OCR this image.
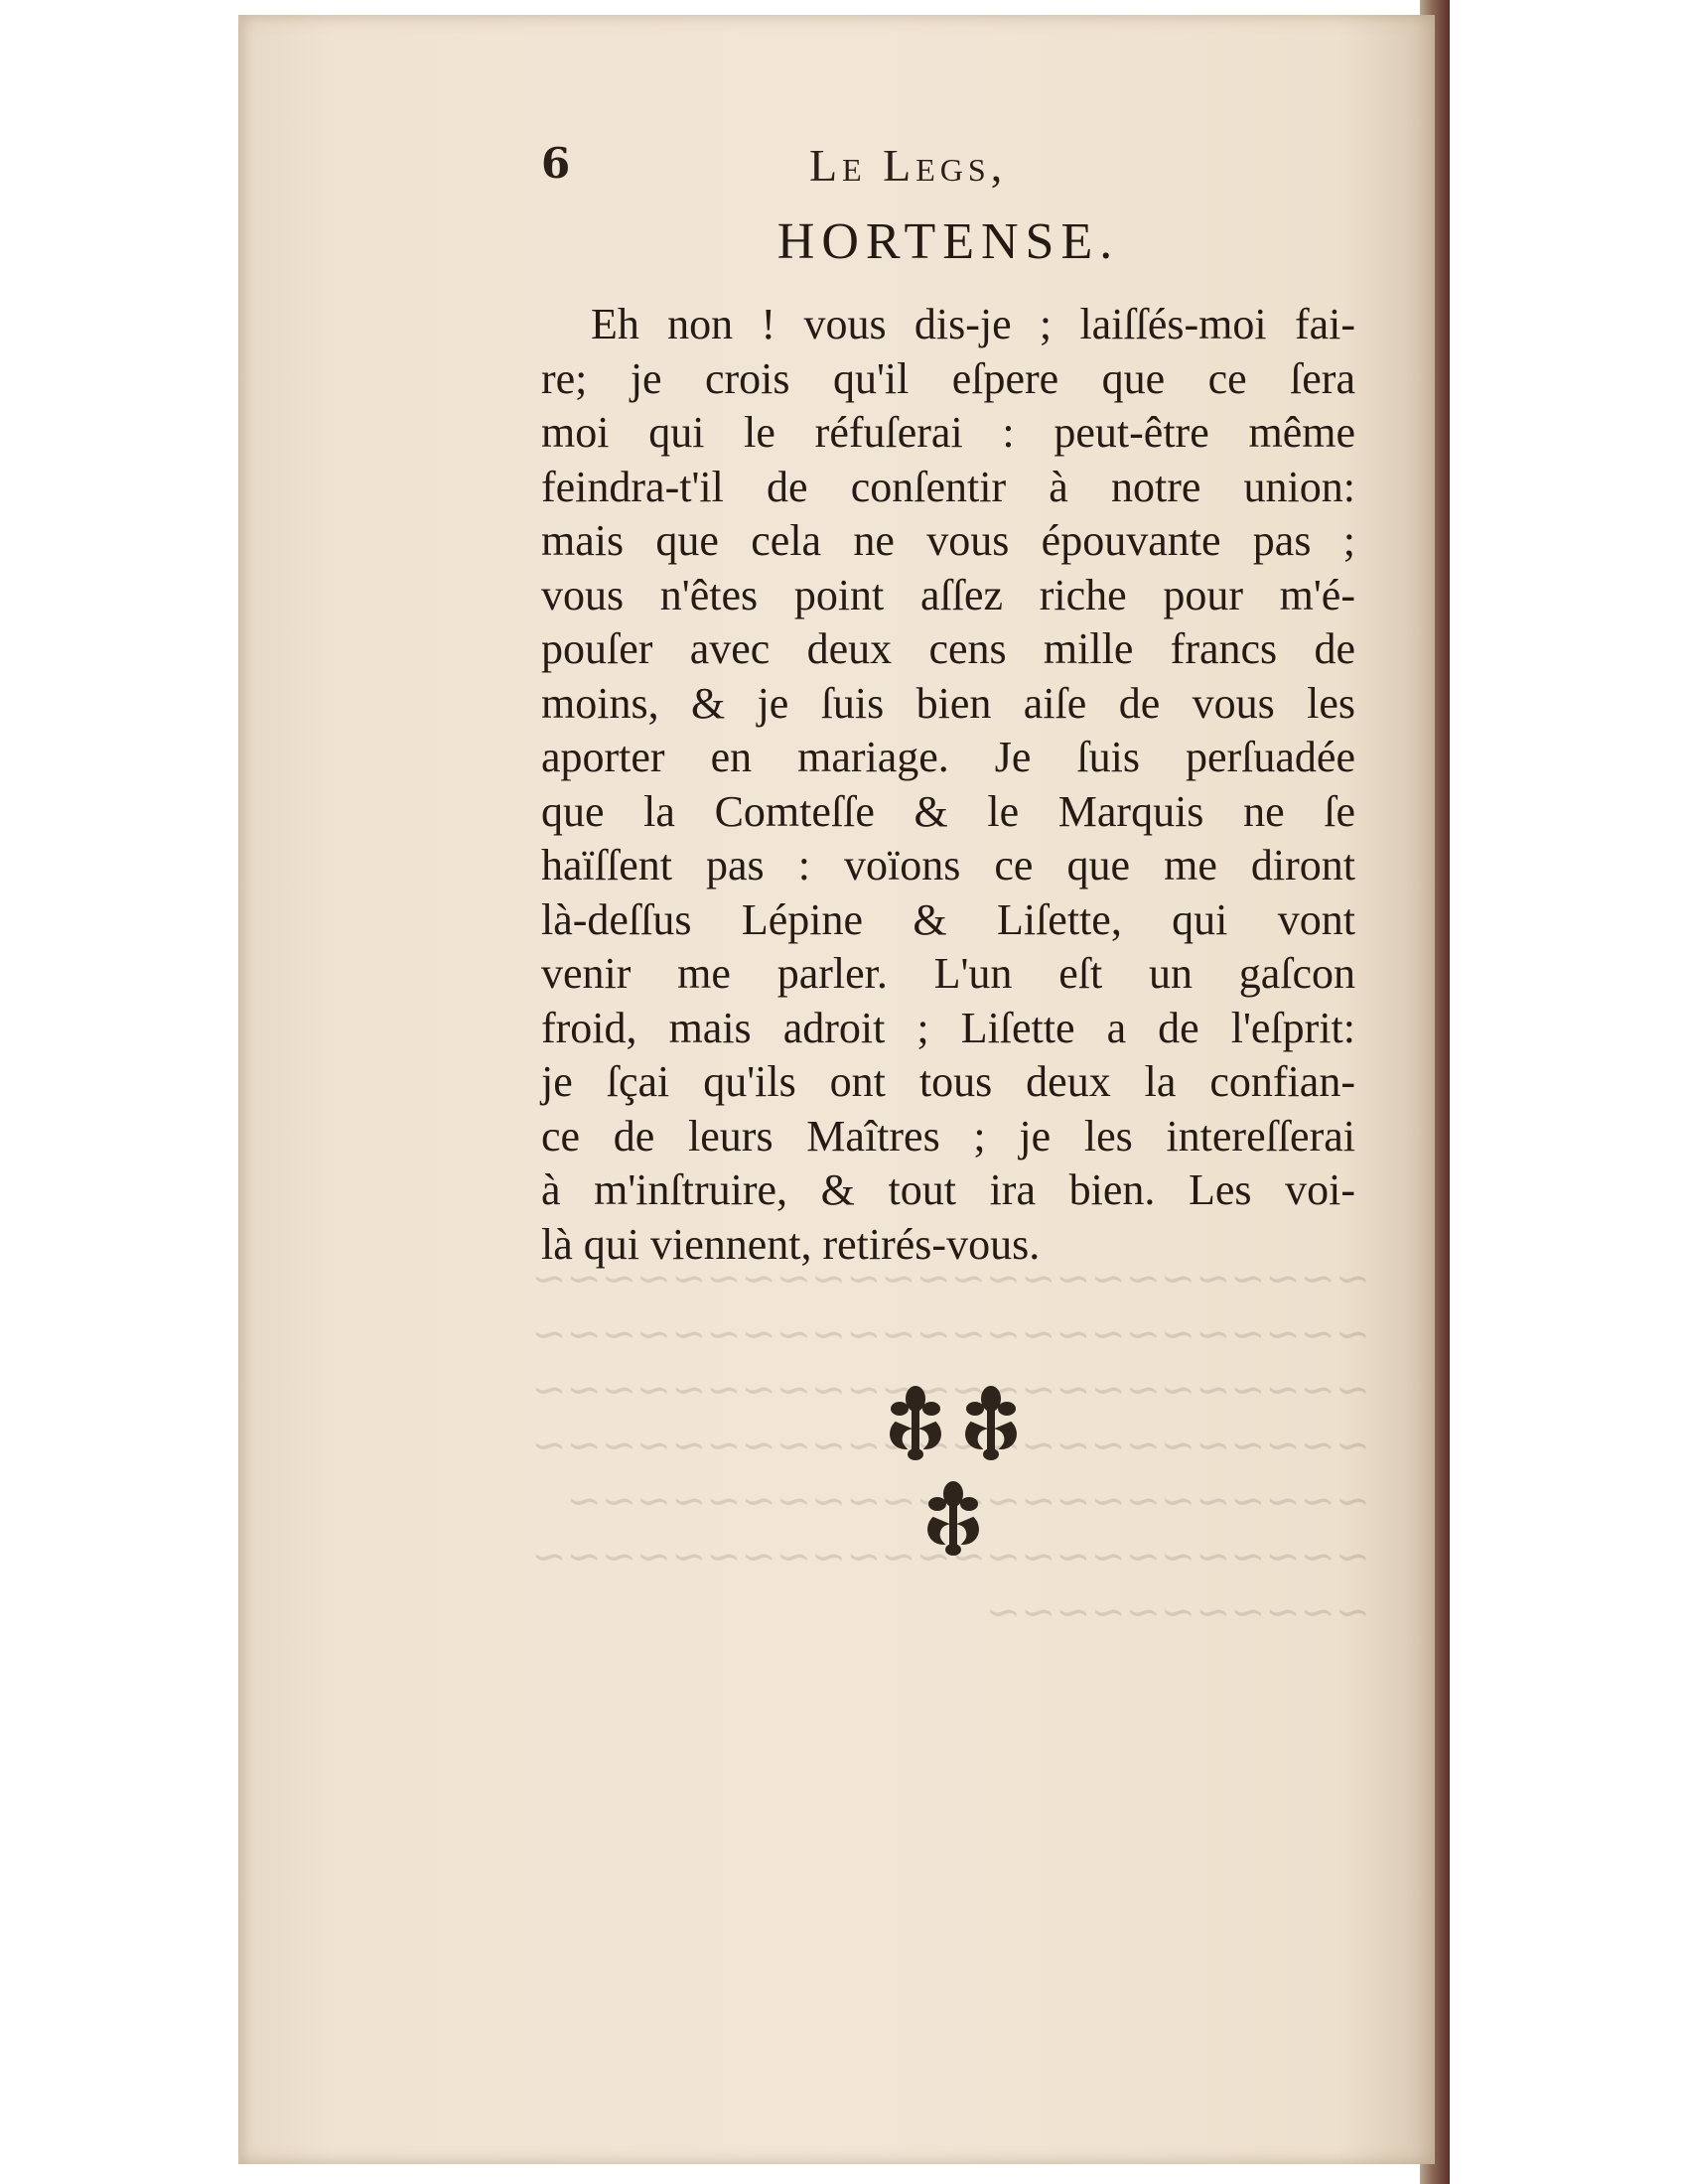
6	Le Legs,
HORTENSE.
Eh non ! vous dis-je ; laiſſés-moi fai-
re; je crois qu'il eſpere que ce ſera
moi qui le réfuſerai : peut-être même
feindra-t'il de conſentir à notre union:
mais que cela ne vous épouvante pas ;
vous n'êtes point aſſez riche pour m'é-
pouſer avec deux cens mille francs de
moins, & je ſuis bien aiſe de vous les
aporter en mariage. Je ſuis perſuadée
que la Comteſſe & le Marquis ne ſe
haïſſent pas : voïons ce que me diront
là-deſſus Lépine & Liſette, qui vont
venir me parler. L'un eſt un gaſcon
froid, mais adroit ; Liſette a de l'eſprit:
je ſçai qu'ils ont tous deux la confian-
ce de leurs Maîtres ; je les intereſſerai
à m'inſtruire, & tout ira bien. Les voi-
là qui viennent, retirés-vous.
